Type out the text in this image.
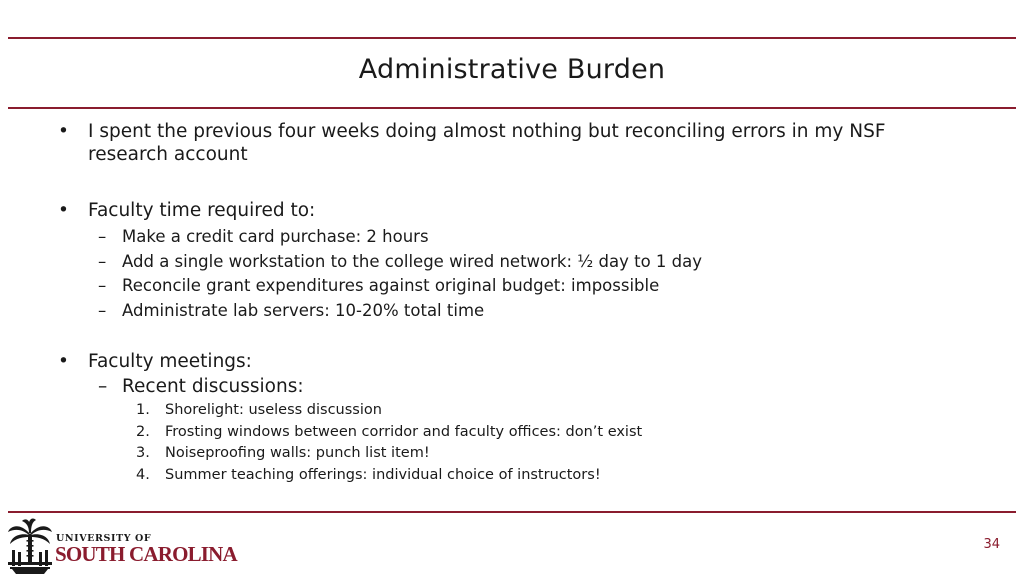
Administrative Burden
• I spent the previous four weeks doing almost nothing but reconciling errors in my NSF research account
• Faculty time required to:
– Make a credit card purchase: 2 hours
– Add a single workstation to the college wired network: ½ day to 1 day
– Reconcile grant expenditures against original budget: impossible
– Administrate lab servers: 10-20% total time
• Faculty meetings:
– Recent discussions:
1. Shorelight: useless discussion
2. Frosting windows between corridor and faculty offices: don’t exist
3. Noiseproofing walls: punch list item!
4. Summer teaching offerings: individual choice of instructors!
UNIVERSITY OF
SOUTH CAROLINA	34
